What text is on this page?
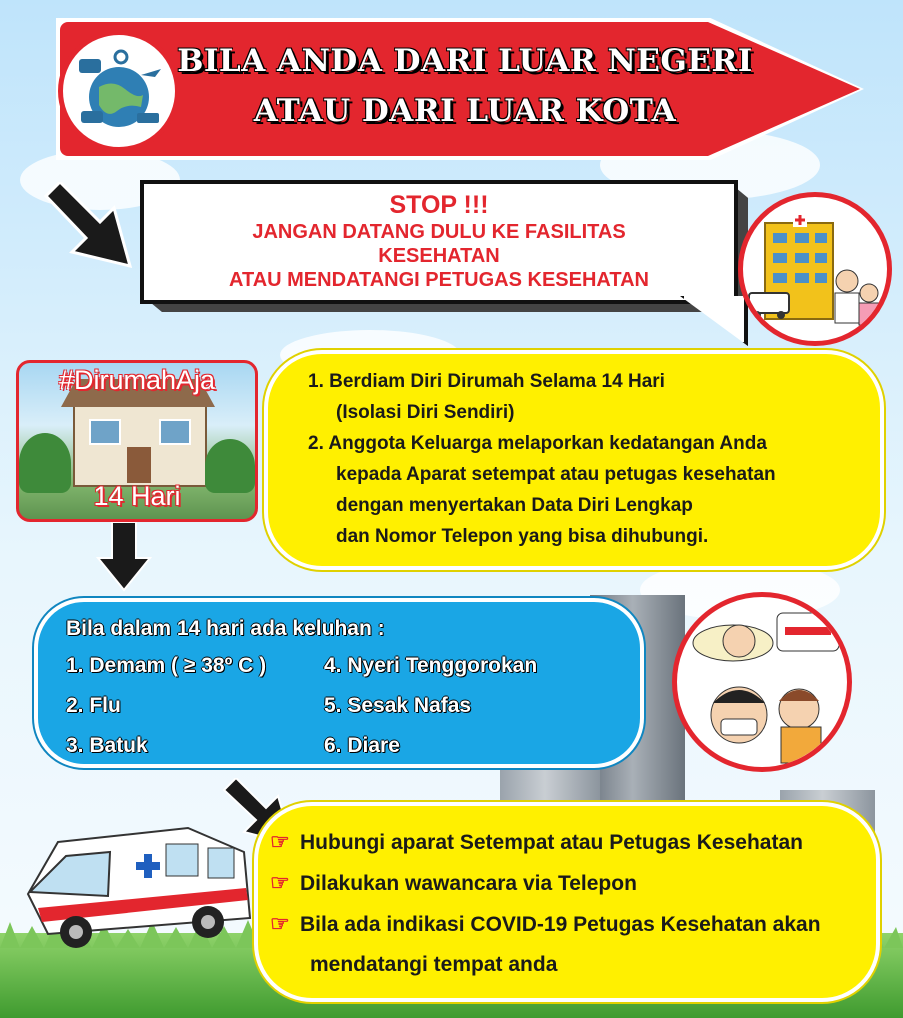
BILA ANDA DARI LUAR NEGERI
ATAU DARI LUAR KOTA
STOP !!!
JANGAN DATANG DULU KE FASILITAS
KESEHATAN
ATAU MENDATANGI PETUGAS KESEHATAN
#DirumahAja
14 Hari
1. Berdiam Diri Dirumah Selama 14 Hari
(Isolasi Diri Sendiri)
2. Anggota Keluarga melaporkan kedatangan Anda
kepada Aparat setempat atau petugas kesehatan
dengan menyertakan Data Diri Lengkap
dan Nomor Telepon yang bisa dihubungi.
Bila dalam 14 hari ada keluhan :
1. Demam ( ≥ 38º C )
2. Flu
3. Batuk
4. Nyeri Tenggorokan
5. Sesak Nafas
6. Diare
☞ Hubungi aparat Setempat atau Petugas Kesehatan
☞ Dilakukan wawancara via Telepon
☞ Bila ada indikasi COVID-19 Petugas Kesehatan akan
mendatangi tempat anda
